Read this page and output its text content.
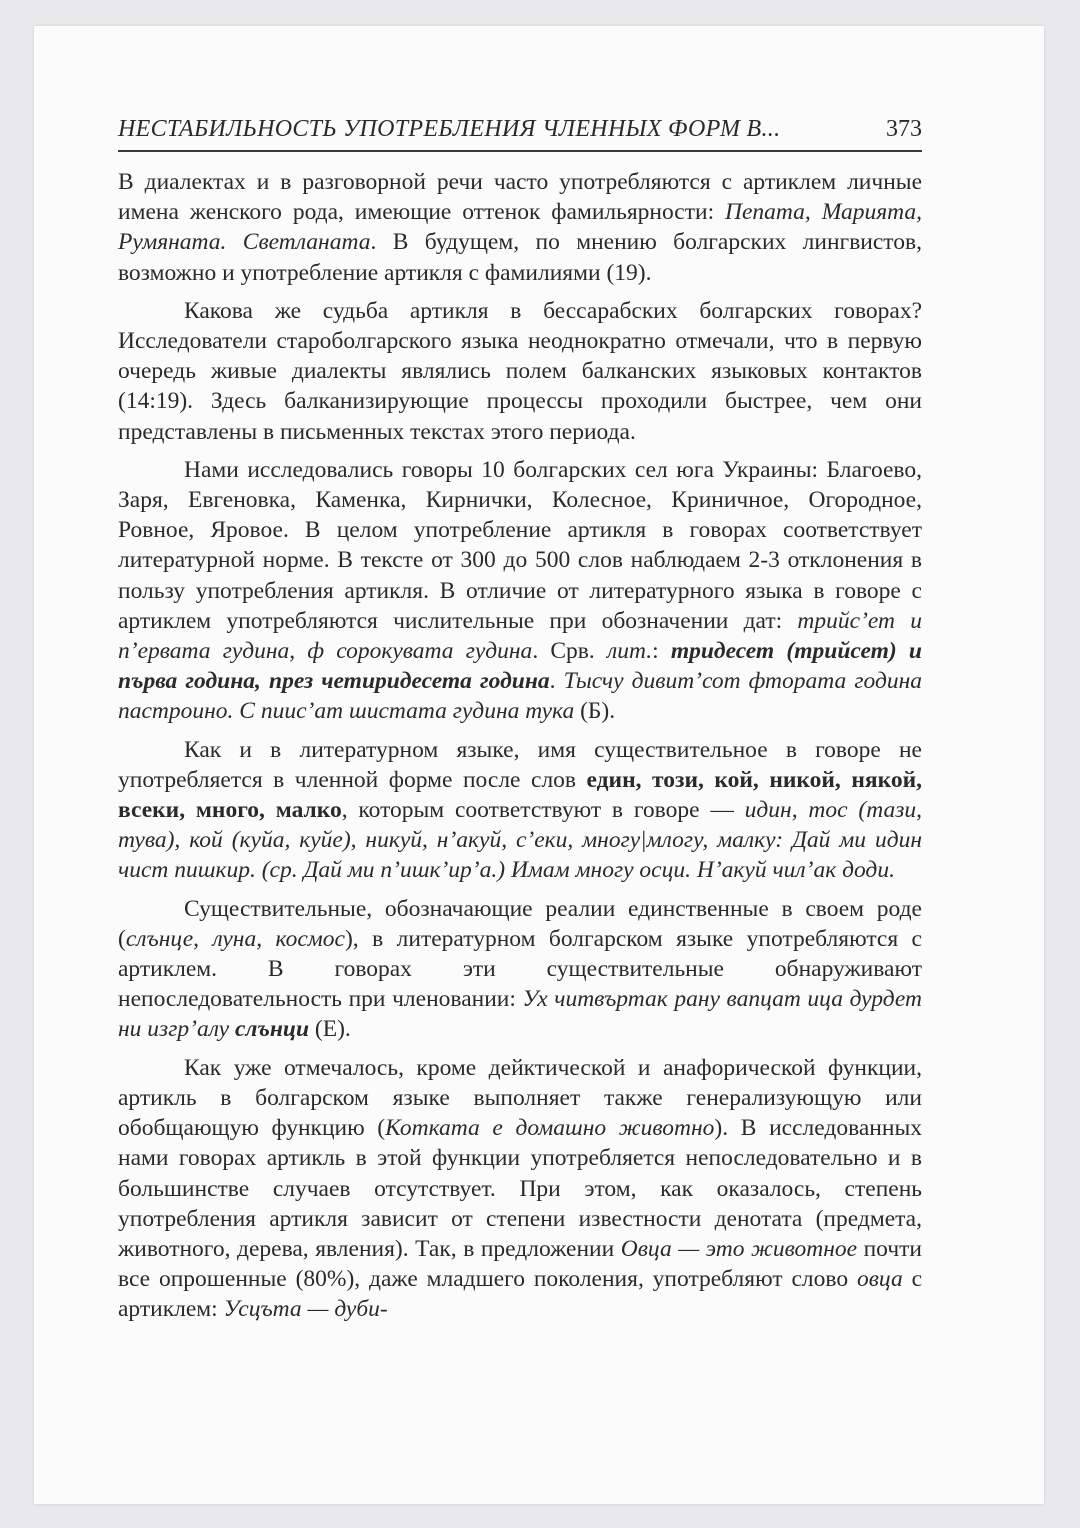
НЕСТАБИЛЬНОСТЬ УПОТРЕБЛЕНИЯ ЧЛЕННЫХ ФОРМ В...	373

В диалектах и в разговорной речи часто употребляются с артиклем личные имена женского рода, имеющие оттенок фамильярности: Пепата, Марията, Румяната. Светланата. В будущем, по мнению болгарских лингвистов, возможно и употребление артикля с фамилиями (19).

Какова же судьба артикля в бессарабских болгарских говорах? Исследователи староболгарского языка неоднократно отмечали, что в первую очередь живые диалекты являлись полем балканских языковых контактов (14:19). Здесь балканизирующие процессы проходили быстрее, чем они представлены в письменных текстах этого периода.

Нами исследовались говоры 10 болгарских сел юга Украины: Благоево, Заря, Евгеновка, Каменка, Кирнички, Колесное, Криничное, Огородное, Ровное, Яровое. В целом употребление артикля в говорах соответствует литературной норме. В тексте от 300 до 500 слов наблюдаем 2-3 отклонения в пользу употребления артикля. В отличие от литературного языка в говоре с артиклем употребляются числительные при обозначении дат: трийс’ет и п’ервата гудина, ф сорокувата гудина. Срв. лит.: тридесет (трийсет) и първа година, през четиридесета година. Тысчу дивит’сот фтората година пастроино. С пиис’ат шистата гудина тука (Б).

Как и в литературном языке, имя существительное в говоре не употребляется в членной форме после слов един, този, кой, никой, някой, всеки, много, малко, которым соответствуют в говоре — идин, тос (тази, тува), кой (куйа, куйе), никуй, н’акуй, с’еки, многу|млогу, малку: Дай ми идин чист пишкир. (ср. Дай ми п’ишк’ир’а.) Имам многу осци. Н’акуй чил’ак доди.

Существительные, обозначающие реалии единственные в своем роде (слънце, луна, космос), в литературном болгарском языке употребляются с артиклем. В говорах эти существительные обнаруживают непоследовательность при членовании: Ух читвъртак рану вапцат ица дурдет ни изгр’алу слънци (Е).

Как уже отмечалось, кроме дейктической и анафорической функции, артикль в болгарском языке выполняет также генерализующую или обобщающую функцию (Котката е домашно животно). В исследованных нами говорах артикль в этой функции употребляется непоследовательно и в большинстве случаев отсутствует. При этом, как оказалось, степень употребления артикля зависит от степени известности денотата (предмета, животного, дерева, явления). Так, в предложении Овца — это животное почти все опрошенные (80%), даже младшего поколения, употребляют слово овца с артиклем: Усцъта — дуби-
